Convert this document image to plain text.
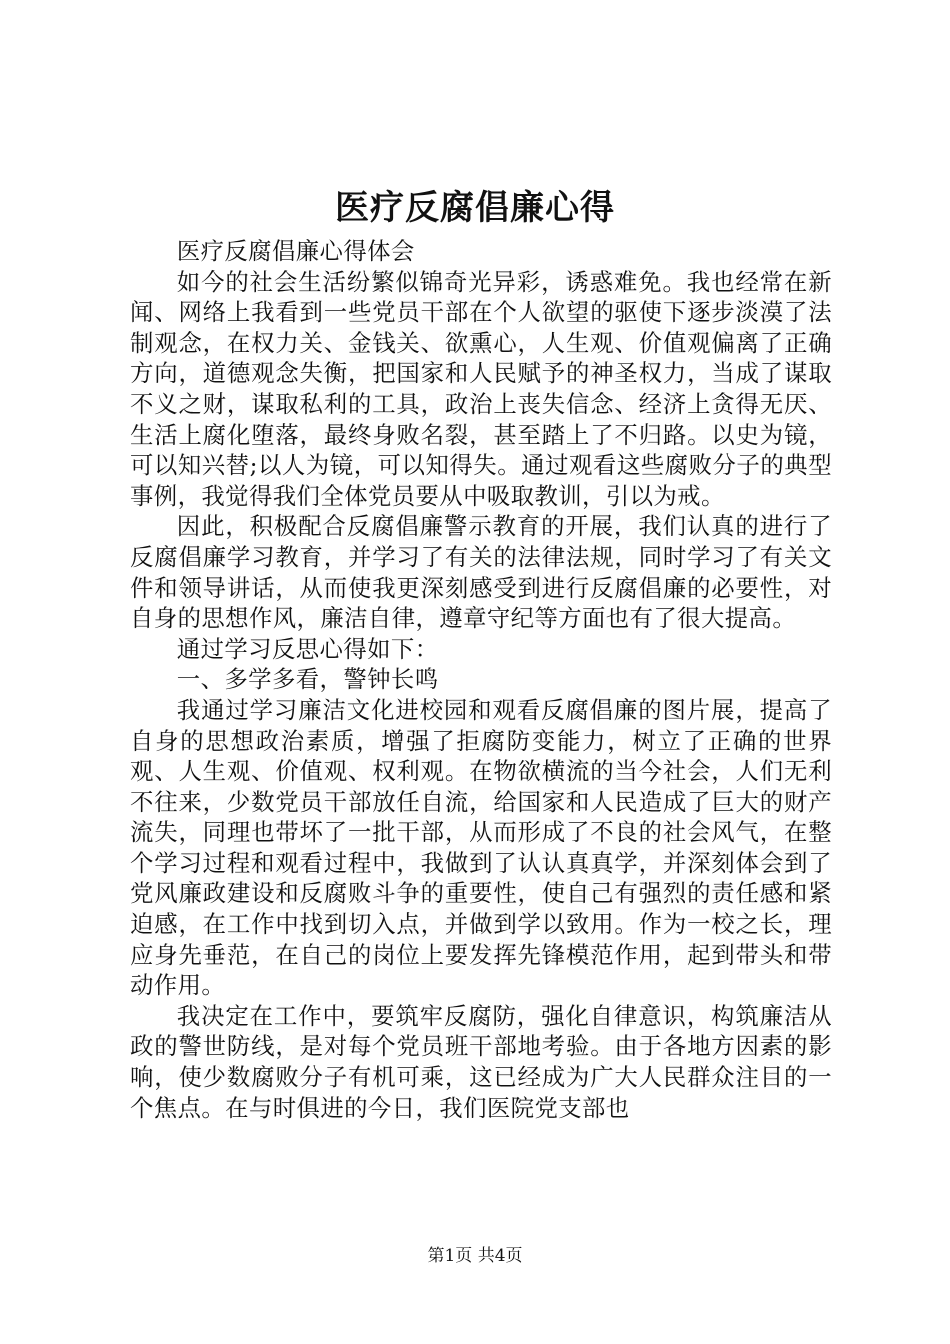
医疗反腐倡廉心得

医疗反腐倡廉心得体会

如今的社会生活纷繁似锦奇光异彩，诱惑难免。我也经常在新闻、网络上我看到一些党员干部在个人欲望的驱使下逐步淡漠了法制观念，在权力关、金钱关、欲熏心，人生观、价值观偏离了正确方向，道德观念失衡，把国家和人民赋予的神圣权力，当成了谋取不义之财，谋取私利的工具，政治上丧失信念、经济上贪得无厌、生活上腐化堕落，最终身败名裂，甚至踏上了不归路。以史为镜，可以知兴替;以人为镜，可以知得失。通过观看这些腐败分子的典型事例，我觉得我们全体党员要从中吸取教训，引以为戒。

因此，积极配合反腐倡廉警示教育的开展，我们认真的进行了反腐倡廉学习教育，并学习了有关的法律法规，同时学习了有关文件和领导讲话，从而使我更深刻感受到进行反腐倡廉的必要性，对自身的思想作风，廉洁自律，遵章守纪等方面也有了很大提高。

通过学习反思心得如下：

一、多学多看，警钟长鸣

我通过学习廉洁文化进校园和观看反腐倡廉的图片展，提高了自身的思想政治素质，增强了拒腐防变能力，树立了正确的世界观、人生观、价值观、权利观。在物欲横流的当今社会，人们无利不往来，少数党员干部放任自流，给国家和人民造成了巨大的财产流失，同理也带坏了一批干部，从而形成了不良的社会风气，在整个学习过程和观看过程中，我做到了认认真真学，并深刻体会到了党风廉政建设和反腐败斗争的重要性，使自己有强烈的责任感和紧迫感，在工作中找到切入点，并做到学以致用。作为一校之长，理应身先垂范，在自己的岗位上要发挥先锋模范作用，起到带头和带动作用。

我决定在工作中，要筑牢反腐防，强化自律意识，构筑廉洁从政的警世防线，是对每个党员班干部地考验。由于各地方因素的影响，使少数腐败分子有机可乘，这已经成为广大人民群众注目的一个焦点。在与时俱进的今日，我们医院党支部也

第1页 共4页
